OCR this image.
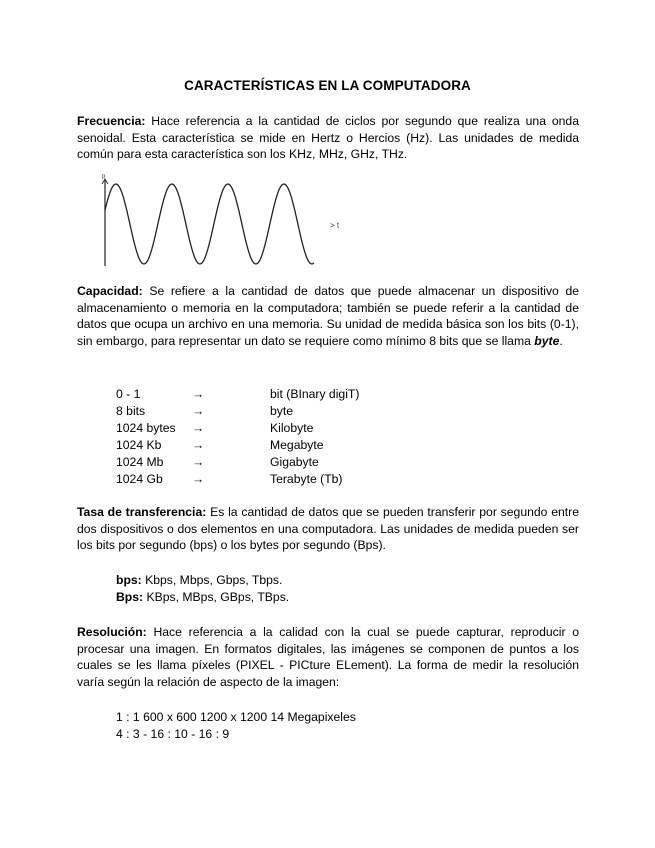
CARACTERÍSTICAS EN LA COMPUTADORA
Frecuencia: Hace referencia a la cantidad de ciclos por segundo que realiza una onda senoidal. Esta característica se mide en Hertz o Hercios (Hz). Las unidades de medida común para esta característica son los KHz, MHz, GHz, THz.
p
> t
Capacidad: Se refiere a la cantidad de datos que puede almacenar un dispositivo de almacenamiento o memoria en la computadora; también se puede referir a la cantidad de datos que ocupa un archivo en una memoria. Su unidad de medida básica son los bits (0-1), sin embargo, para representar un dato se requiere como mínimo 8 bits que se llama byte.
0 - 1	→	bit (BInary digiT)
8 bits	→	byte
1024 bytes	→	Kilobyte
1024 Kb	→	Megabyte
1024 Mb	→	Gigabyte
1024 Gb	→	Terabyte (Tb)
Tasa de transferencia: Es la cantidad de datos que se pueden transferir por segundo entre dos dispositivos o dos elementos en una computadora. Las unidades de medida pueden ser los bits por segundo (bps) o los bytes por segundo (Bps).
bps: Kbps, Mbps, Gbps, Tbps.
Bps: KBps, MBps, GBps, TBps.
Resolución: Hace referencia a la calidad con la cual se puede capturar, reproducir o procesar una imagen. En formatos digitales, las imágenes se componen de puntos a los cuales se les llama píxeles (PIXEL - PICture ELement). La forma de medir la resolución varía según la relación de aspecto de la imagen:
1 : 1 600 x 600 1200 x 1200 14 Megapixeles
4 : 3 - 16 : 10 - 16 : 9
